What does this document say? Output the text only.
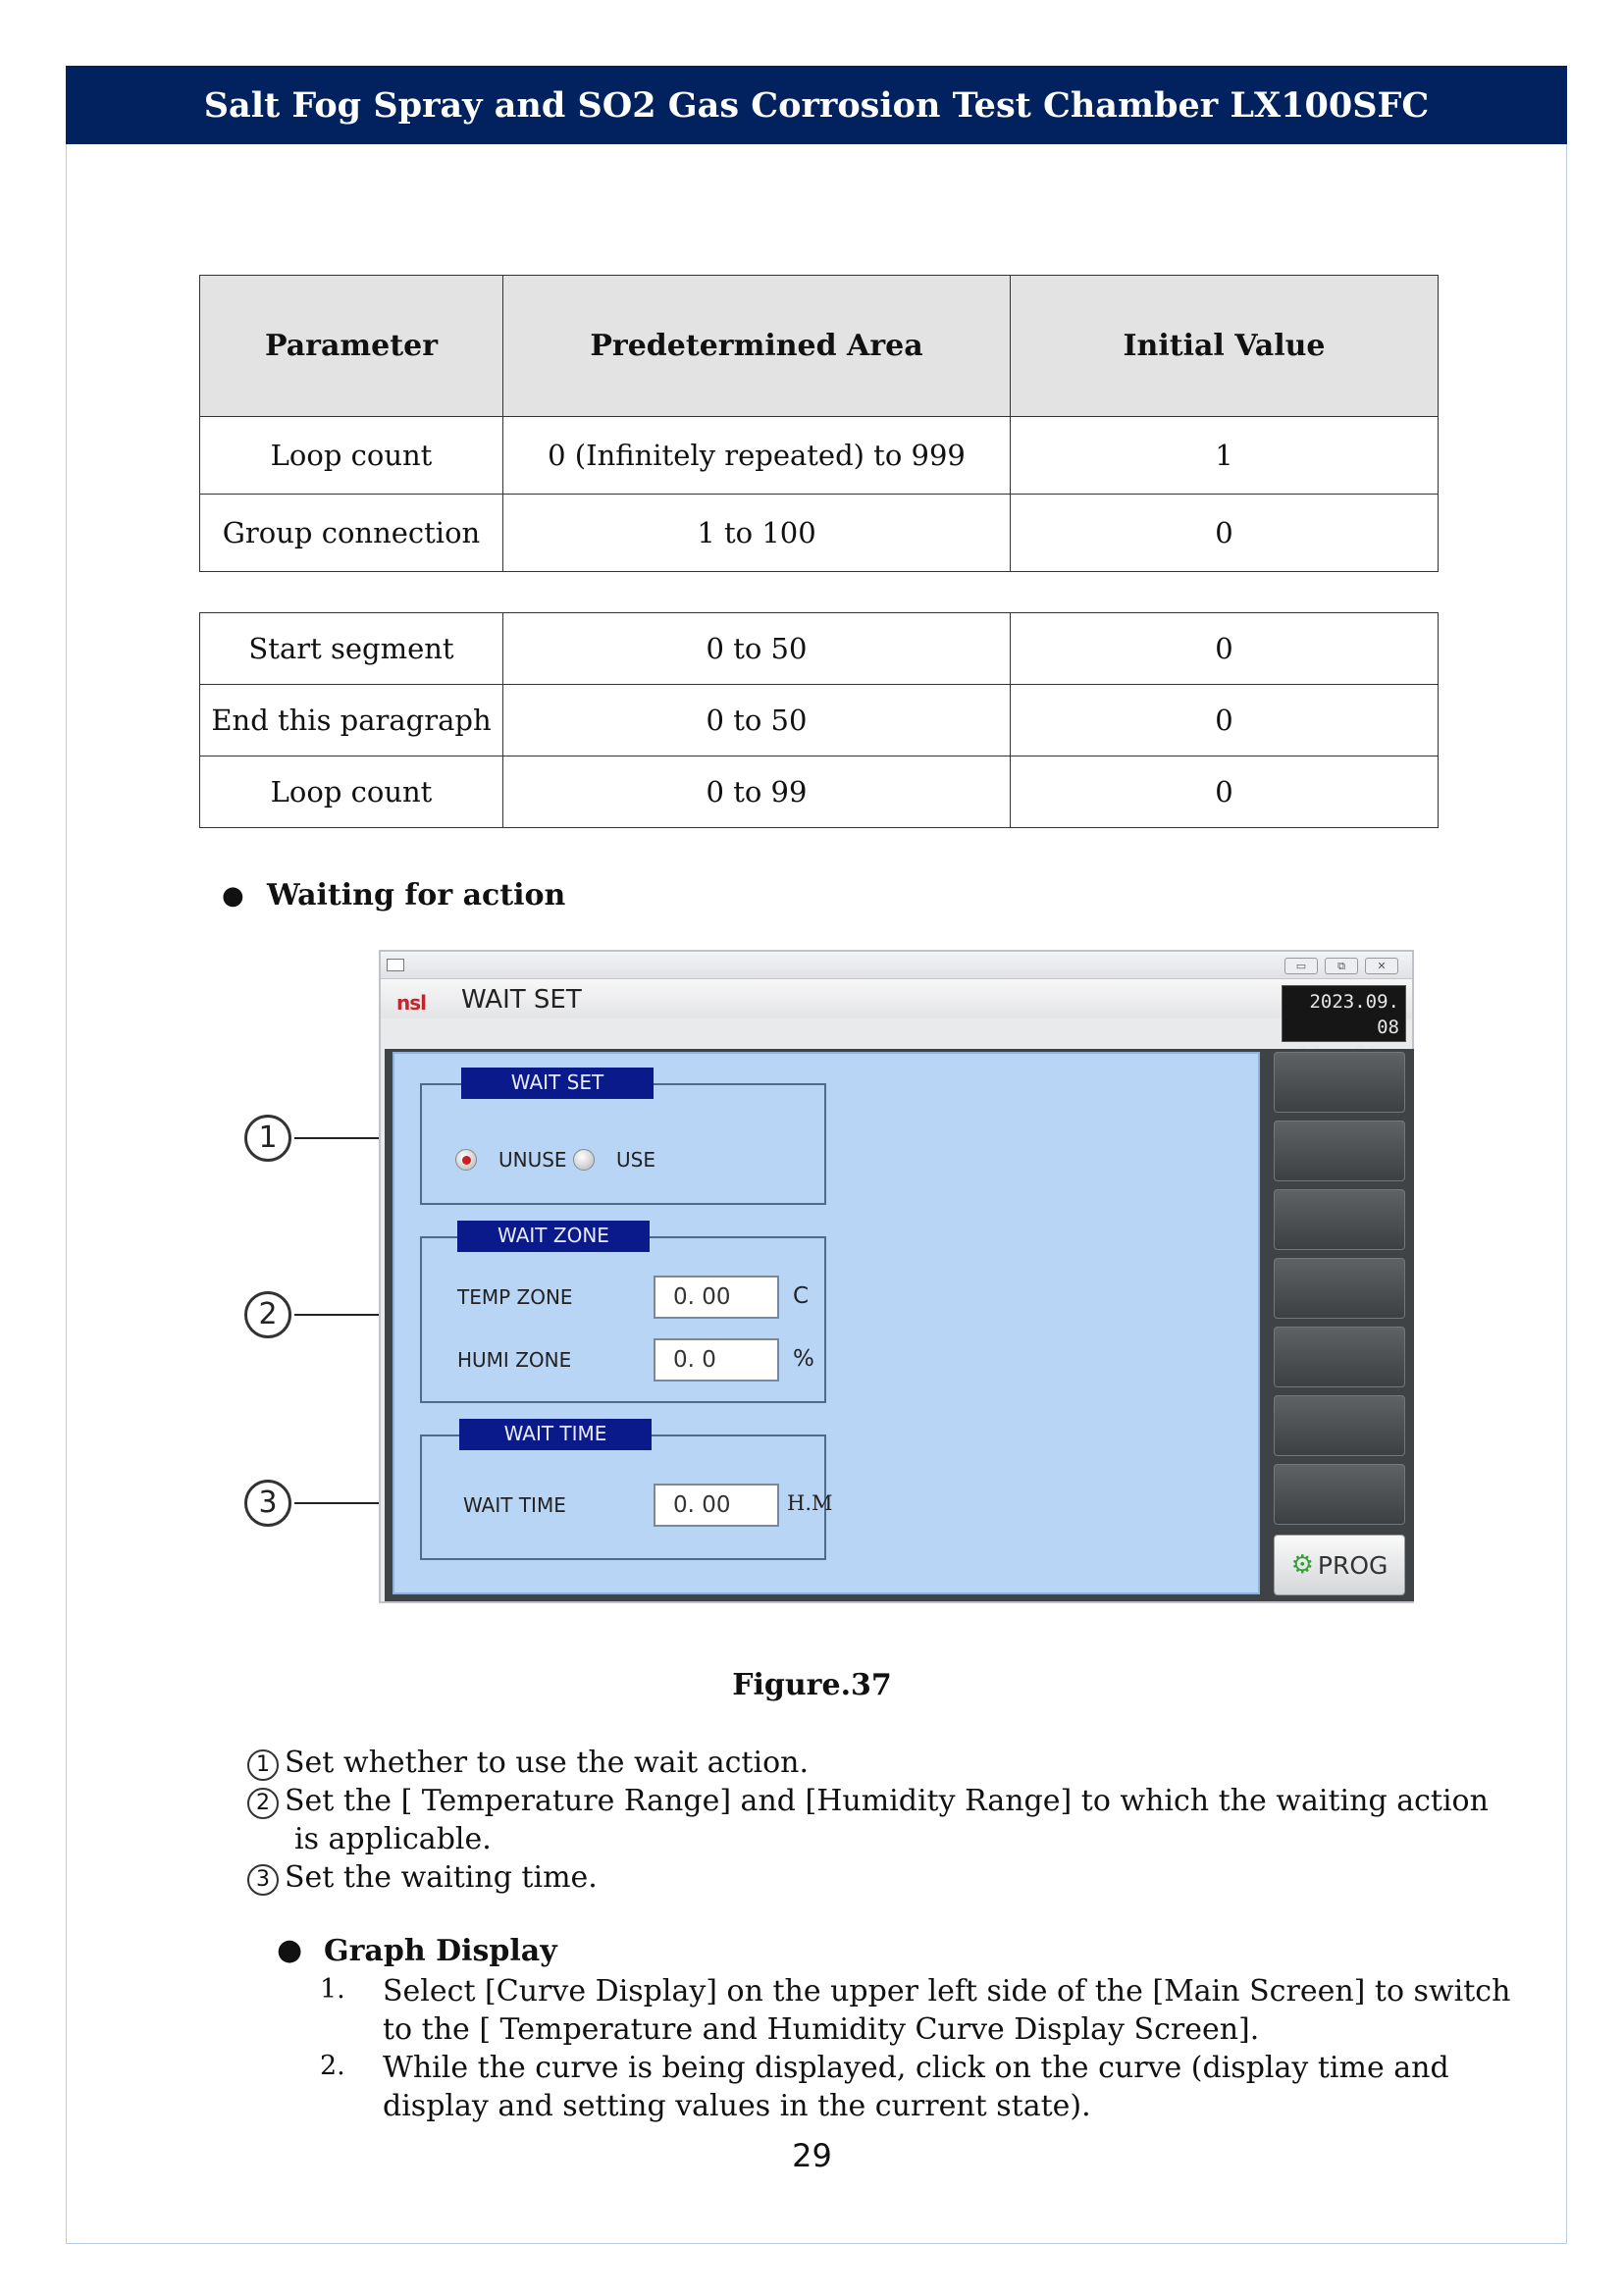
Salt Fog Spray and SO2 Gas Corrosion Test Chamber LX100SFC
Parameter	Predetermined Area	Initial Value
Loop count	0 (Infinitely repeated) to 999	1
Group connection	1 to 100	0
Start segment	0 to 50	0
End this paragraph	0 to 50	0
Loop count	0 to 99	0
● Waiting for action
1
2
3
▭	⧉	✕
nsl	WAIT SET	2023.09. 08
WAIT SET
UNUSE	USE
WAIT ZONE
TEMP ZONE	0. 00	C
HUMI ZONE	0. 0	%
WAIT TIME
WAIT TIME	0. 00	H.M
⚙ PROG
Figure.37
1 Set whether to use the wait action.
2 Set the [ Temperature Range] and [Humidity Range] to which the waiting action
is applicable.
3 Set the waiting time.
● Graph Display
1. Select [Curve Display] on the upper left side of the [Main Screen] to switch
to the [ Temperature and Humidity Curve Display Screen].
2. While the curve is being displayed, click on the curve (display time and
display and setting values in the current state).
29
